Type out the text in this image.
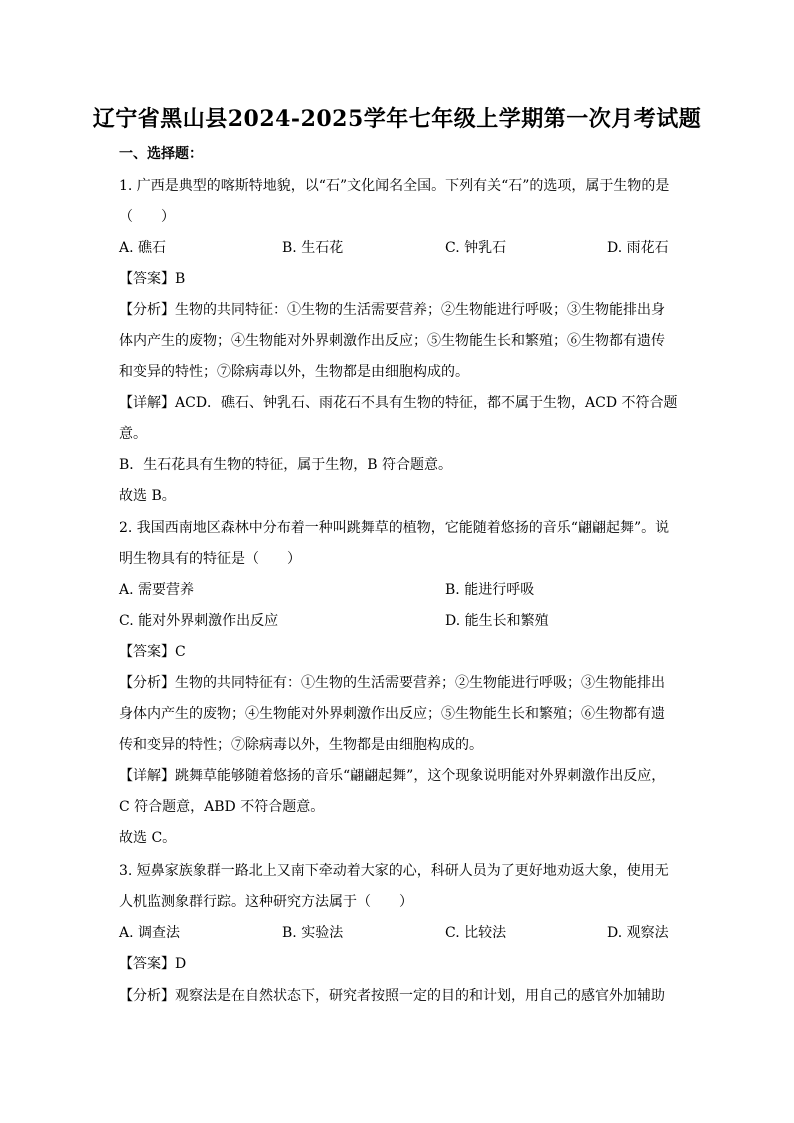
辽宁省黑山县2024-2025学年七年级上学期第一次月考试题
一、选择题：
1. 广西是典型的喀斯特地貌，以“石”文化闻名全国。下列有关“石”的选项，属于生物的是
（　　）
A. 礁石	B. 生石花	C. 钟乳石	D. 雨花石
【答案】B
【分析】生物的共同特征：①生物的生活需要营养；②生物能进行呼吸；③生物能排出身
体内产生的废物；④生物能对外界刺激作出反应；⑤生物能生长和繁殖；⑥生物都有遗传
和变异的特性；⑦除病毒以外，生物都是由细胞构成的。
【详解】ACD．礁石、钟乳石、雨花石不具有生物的特征，都不属于生物，ACD 不符合题
意。
B．生石花具有生物的特征，属于生物，B 符合题意。
故选 B。
2. 我国西南地区森林中分布着一种叫跳舞草的植物，它能随着悠扬的音乐“翩翩起舞”。说
明生物具有的特征是（　　）
A. 需要营养	B. 能进行呼吸
C. 能对外界刺激作出反应	D. 能生长和繁殖
【答案】C
【分析】生物的共同特征有：①生物的生活需要营养；②生物能进行呼吸；③生物能排出
身体内产生的废物；④生物能对外界刺激作出反应；⑤生物能生长和繁殖；⑥生物都有遗
传和变异的特性；⑦除病毒以外，生物都是由细胞构成的。
【详解】跳舞草能够随着悠扬的音乐“翩翩起舞”，这个现象说明能对外界刺激作出反应，
C 符合题意，ABD 不符合题意。
故选 C。
3. 短鼻家族象群一路北上又南下牵动着大家的心，科研人员为了更好地劝返大象，使用无
人机监测象群行踪。这种研究方法属于（　　）
A. 调查法	B. 实验法	C. 比较法	D. 观察法
【答案】D
【分析】观察法是在自然状态下，研究者按照一定的目的和计划，用自己的感官外加辅助
